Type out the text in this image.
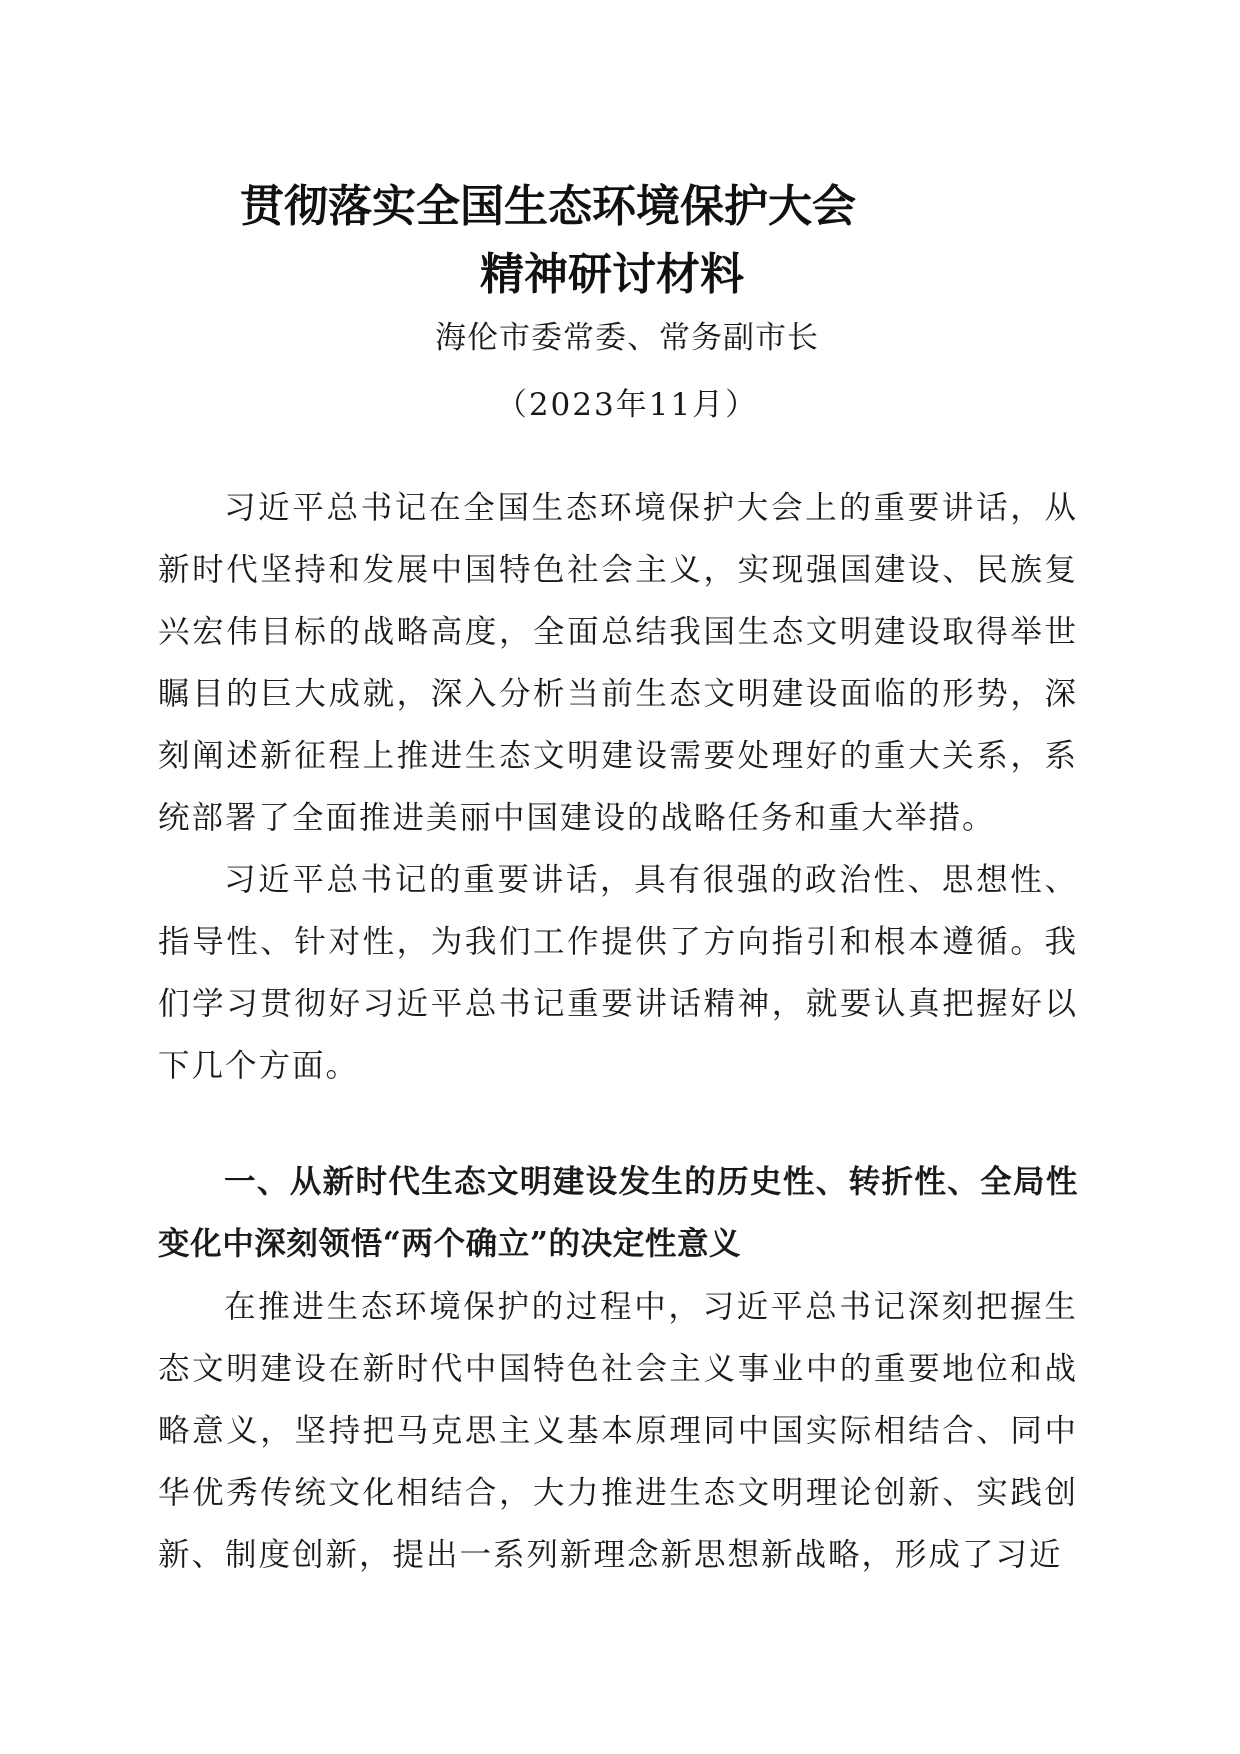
贯彻落实全国生态环境保护大会
精神研讨材料
海伦市委常委、常务副市长
（2023年11月）

习近平总书记在全国生态环境保护大会上的重要讲话，从新时代坚持和发展中国特色社会主义，实现强国建设、民族复兴宏伟目标的战略高度，全面总结我国生态文明建设取得举世瞩目的巨大成就，深入分析当前生态文明建设面临的形势，深刻阐述新征程上推进生态文明建设需要处理好的重大关系，系统部署了全面推进美丽中国建设的战略任务和重大举措。

习近平总书记的重要讲话，具有很强的政治性、思想性、指导性、针对性，为我们工作提供了方向指引和根本遵循。我们学习贯彻好习近平总书记重要讲话精神，就要认真把握好以下几个方面。

一、从新时代生态文明建设发生的历史性、转折性、全局性变化中深刻领悟“两个确立”的决定性意义

在推进生态环境保护的过程中，习近平总书记深刻把握生态文明建设在新时代中国特色社会主义事业中的重要地位和战略意义，坚持把马克思主义基本原理同中国实际相结合、同中华优秀传统文化相结合，大力推进生态文明理论创新、实践创新、制度创新，提出一系列新理念新思想新战略，形成了习近
